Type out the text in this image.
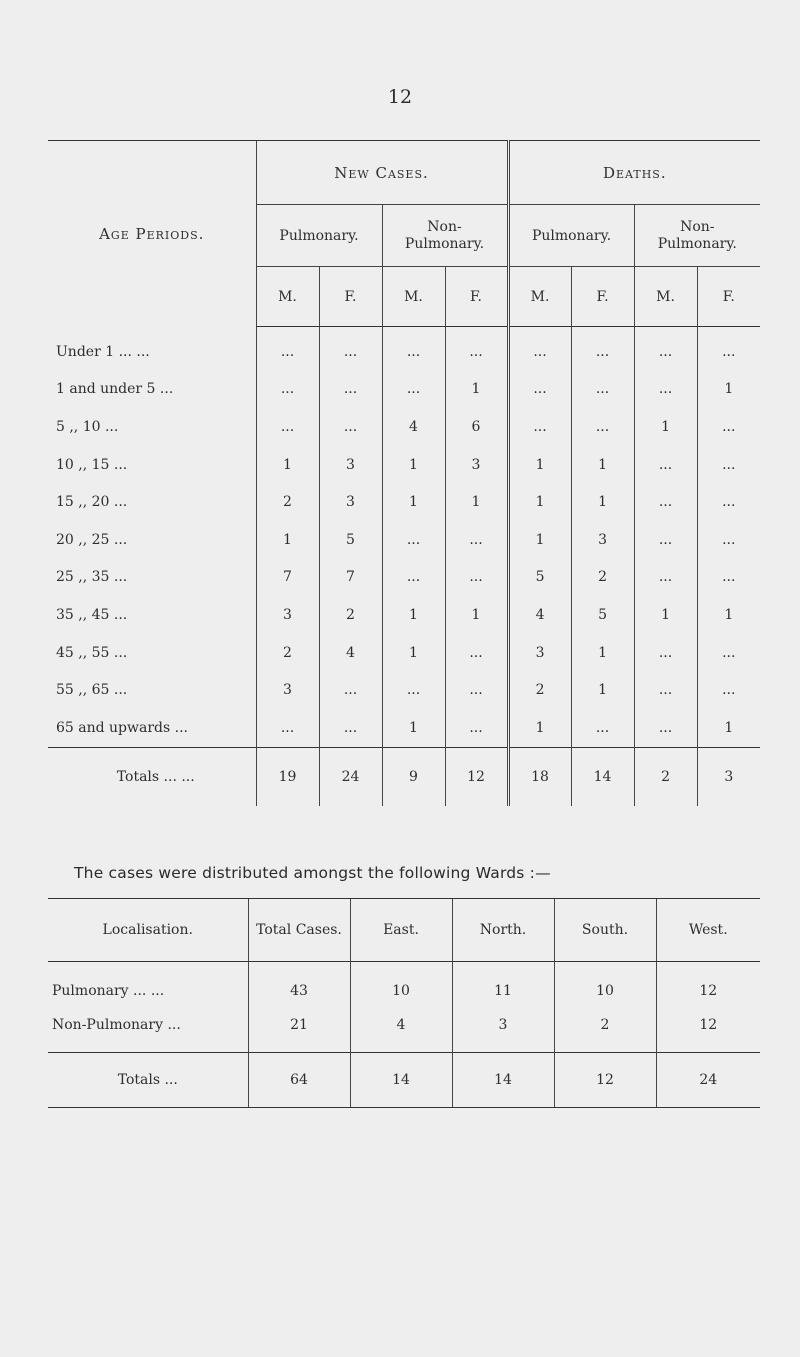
12
Age Periods.	New Cases.				Deaths.			
	Pulmonary.		Non-Pulmonary.		Pulmonary.		Non-Pulmonary.	
	M.	F.	M.	F.	M.	F.	M.	F.
Under 1 ... ...	...	...	...	...	...	...	...	...
1 and under 5 ...	...	...	...	1	...	...	...	1
5 ,, 10 ...	...	...	4	6	...	...	1	...
10 ,, 15 ...	1	3	1	3	1	1	...	...
15 ,, 20 ...	2	3	1	1	1	1	...	...
20 ,, 25 ...	1	5	...	...	1	3	...	...
25 ,, 35 ...	7	7	...	...	5	2	...	...
35 ,, 45 ...	3	2	1	1	4	5	1	1
45 ,, 55 ...	2	4	1	...	3	1	...	...
55 ,, 65 ...	3	...	...	...	2	1	...	...
65 and upwards ...	...	...	1	...	1	...	...	1
Totals ... ...	19	24	9	12	18	14	2	3
The cases were distributed amongst the following Wards :—
Localisation.	Total Cases.	East.	North.	South.	West.
Pulmonary ... ...	43	10	11	10	12
Non-Pulmonary ...	21	4	3	2	12
Totals ...	64	14	14	12	24
